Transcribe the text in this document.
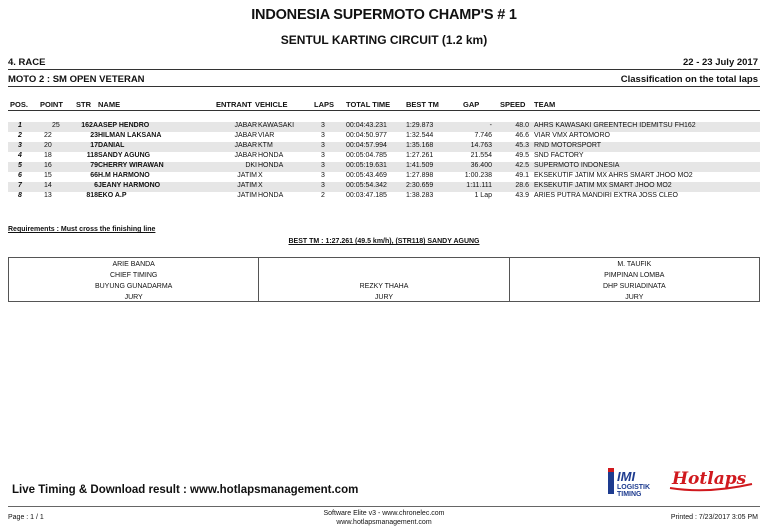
INDONESIA SUPERMOTO CHAMP'S # 1
SENTUL KARTING CIRCUIT (1.2 km)
4. RACE	22 - 23 July 2017
MOTO 2 : SM OPEN VETERAN	Classification on the total laps
POS. POINT STR NAME	ENTRANT VEHICLE	LAPS TOTAL TIME BEST TM	GAP	SPEED TEAM
1	25	162A ASEP HENDRO	JABAR KAWASAKI	3	00:04:43.231	1:29.873	-	48.0 AHRS KAWASAKI GREENTECH IDEMITSU FH162
2	22	23 HILMAN LAKSANA	JABAR VIAR	3	00:04:50.977	1:32.544	7.746	46.6 VIAR VMX ARTOMORO
3	20	17 DANIAL	JABAR KTM	3	00:04:57.994	1:35.168	14.763	45.3 RND MOTORSPORT
4	18	118 SANDY AGUNG	JABAR HONDA	3	00:05:04.785	1:27.261	21.554	49.5 SND FACTORY
5	16	79 CHERRY WIRAWAN	DKI HONDA	3	00:05:19.631	1:41.509	36.400	42.5 SUPERMOTO INDONESIA
6	15	66 H.M HARMONO	JATIM X	3	00:05:43.469	1:27.898	1:00.238	49.1 EKSEKUTIF JATIM MX AHRS SMART JHOO MO2
7	14	6 JEANY HARMONO	JATIM X	3	00:05:54.342	2:30.659	1:11.111	28.6 EKSEKUTIF JATIM MX SMART JHOO MO2
8	13	818 EKO A.P	JATIM HONDA	2	00:03:47.185	1:38.283	1 Lap	43.9 ARIES PUTRA MANDIRI EXTRA JOSS CLEO
Requirements : Must cross the finishing line
BEST TM : 1:27.261 (49.5 km/h), (STR118) SANDY AGUNG
ARIE BANDA
CHIEF TIMING
BUYUNG GUNADARMA
JURY
REZKY THAHA
JURY
M. TAUFIK
PIMPINAN LOMBA
DHP SURIADINATA
JURY
IMI
LOGISTIK
TIMING
Hotlaps
Live Timing & Download result : www.hotlapsmanagement.com
Page : 1 / 1
Software Elite v3 - www.chronelec.com
www.hotlapsmanagement.com
Printed : 7/23/2017 3:05 PM
